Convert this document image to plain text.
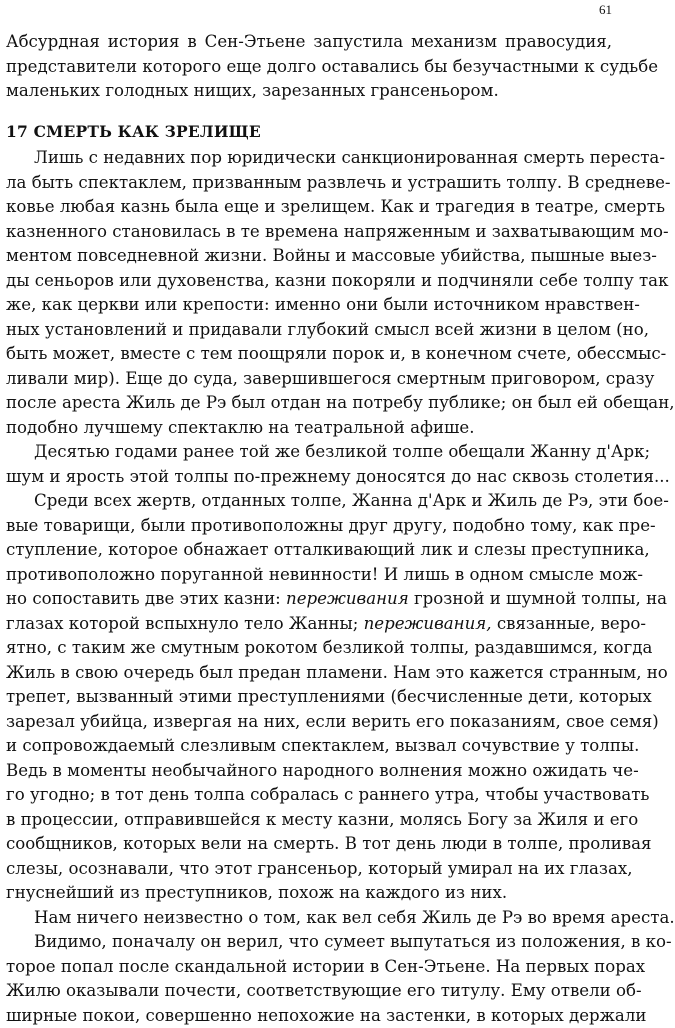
61
Абсурдная история в Сен-Этьене запустила механизм правосудия,
представители которого еще долго оставались бы безучастными к судьбе
маленьких голодных нищих, зарезанных грансеньором.
17 СМЕРТЬ КАК ЗРЕЛИЩЕ
Лишь с недавних пор юридически санкционированная смерть переста-
ла быть спектаклем, призванным развлечь и устрашить толпу. В средневе-
ковье любая казнь была еще и зрелищем. Как и трагедия в театре, смерть
казненного становилась в те времена напряженным и захватывающим мо-
ментом повседневной жизни. Войны и массовые убийства, пышные выез-
ды сеньоров или духовенства, казни покоряли и подчиняли себе толпу так
же, как церкви или крепости: именно они были источником нравствен-
ных установлений и придавали глубокий смысл всей жизни в целом (но,
быть может, вместе с тем поощряли порок и, в конечном счете, обессмыс-
ливали мир). Еще до суда, завершившегося смертным приговором, сразу
после ареста Жиль де Рэ был отдан на потребу публике; он был ей обещан,
подобно лучшему спектаклю на театральной афише.
Десятью годами ранее той же безликой толпе обещали Жанну д'Арк;
шум и ярость этой толпы по-прежнему доносятся до нас сквозь столетия...
Среди всех жертв, отданных толпе, Жанна д'Арк и Жиль де Рэ, эти боe-
вые товарищи, были противоположны друг другу, подобно тому, как пре-
ступление, которое обнажает отталкивающий лик и слезы преступника,
противоположно поруганной невинности! И лишь в одном смысле мож-
но сопоставить две этих казни: переживания грозной и шумной толпы, на
глазах которой вспыхнуло тело Жанны; переживания, связанные, веро-
ятно, с таким же смутным рокотом безликой толпы, раздавшимся, когда
Жиль в свою очередь был предан пламени. Нам это кажется странным, но
трепет, вызванный этими преступлениями (бесчисленные дети, которых
зарезал убийца, извергая на них, если верить его показаниям, свое семя)
и сопровождаемый слезливым спектаклем, вызвал сочувствие у толпы.
Ведь в моменты необычайного народного волнения можно ожидать че-
го угодно; в тот день толпа собралась с раннего утра, чтобы участвовать
в процессии, отправившейся к месту казни, молясь Богу за Жиля и его
сообщников, которых вели на смерть. В тот день люди в толпе, проливая
слезы, осознавали, что этот грансеньор, который умирал на их глазах,
гнуснейший из преступников, похож на каждого из них.
Нам ничего неизвестно о том, как вел себя Жиль де Рэ во время ареста.
Видимо, поначалу он верил, что сумеет выпутаться из положения, в ко-
торое попал после скандальной истории в Сен-Этьене. На первых порах
Жилю оказывали почести, соответствующие его титулу. Ему отвели об-
ширные покои, совершенно непохожие на застенки, в которых держали
